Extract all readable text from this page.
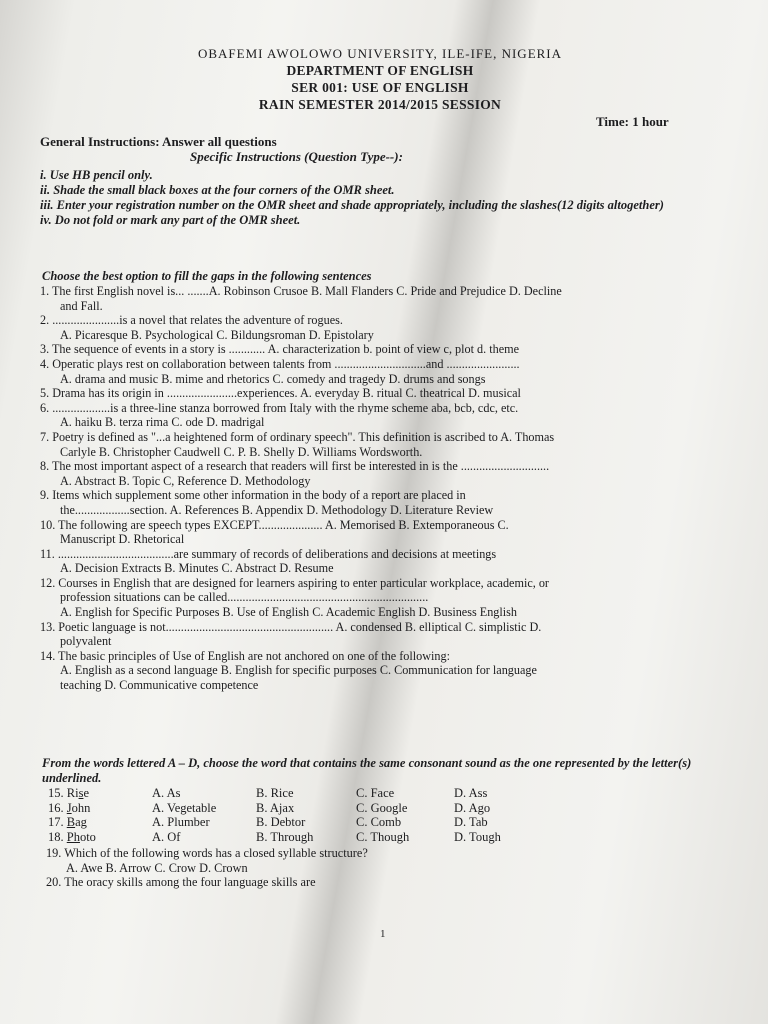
OBAFEMI AWOLOWO UNIVERSITY, ILE-IFE, NIGERIA
DEPARTMENT OF ENGLISH
SER 001: USE OF ENGLISH
RAIN SEMESTER 2014/2015 SESSION
Time: 1 hour
General Instructions: Answer all questions
Specific Instructions (Question Type--):
i. Use HB pencil only.
ii. Shade the small black boxes at the four corners of the OMR sheet.
iii. Enter your registration number on the OMR sheet and shade appropriately, including the slashes(12 digits altogether)
iv. Do not fold or mark any part of the OMR sheet.
Choose the best option to fill the gaps in the following sentences
1. The first English novel is... .......A. Robinson Crusoe B. Mall Flanders C. Pride and Prejudice D. Decline
and Fall.
2. ......................is a novel that relates the adventure of rogues.
A. Picaresque B. Psychological C. Bildungsroman D. Epistolary
3. The sequence of events in a story is ............ A. characterization b. point of view c, plot d. theme
4. Operatic plays rest on collaboration between talents from ..............................and ........................
A. drama and music B. mime and rhetorics C. comedy and tragedy D. drums and songs
5. Drama has its origin in .......................experiences. A. everyday B. ritual C. theatrical D. musical
6. ...................is a three-line stanza borrowed from Italy with the rhyme scheme aba, bcb, cdc, etc.
A. haiku B. terza rima C. ode D. madrigal
7. Poetry is defined as "...a heightened form of ordinary speech". This definition is ascribed to A. Thomas
Carlyle B. Christopher Caudwell C. P. B. Shelly D. Williams Wordsworth.
8. The most important aspect of a research that readers will first be interested in is the .............................
A. Abstract B. Topic C, Reference D. Methodology
9. Items which supplement some other information in the body of a report are placed in
the..................section. A. References B. Appendix D. Methodology D. Literature Review
10. The following are speech types EXCEPT..................... A. Memorised B. Extemporaneous C.
Manuscript D. Rhetorical
11. ......................................are summary of records of deliberations and decisions at meetings
A. Decision Extracts B. Minutes C. Abstract D. Resume
12. Courses in English that are designed for learners aspiring to enter particular workplace, academic, or
profession situations can be called..................................................................
A. English for Specific Purposes B. Use of English C. Academic English D. Business English
13. Poetic language is not....................................................... A. condensed B. elliptical C. simplistic D.
polyvalent
14. The basic principles of Use of English are not anchored on one of the following:
A. English as a second language B. English for specific purposes C. Communication for language
teaching D. Communicative competence
From the words lettered A – D, choose the word that contains the same consonant sound as the one represented by the letter(s) underlined.
15. Rise	A. As	B. Rice	C. Face	D. Ass
16. John	A. Vegetable	B. Ajax	C. Google	D. Ago
17. Bag	A. Plumber	B. Debtor	C. Comb	D. Tab
18. Photo	A. Of	B. Through	C. Though	D. Tough
19. Which of the following words has a closed syllable structure?
A. Awe B. Arrow C. Crow D. Crown
20. The oracy skills among the four language skills are
1
